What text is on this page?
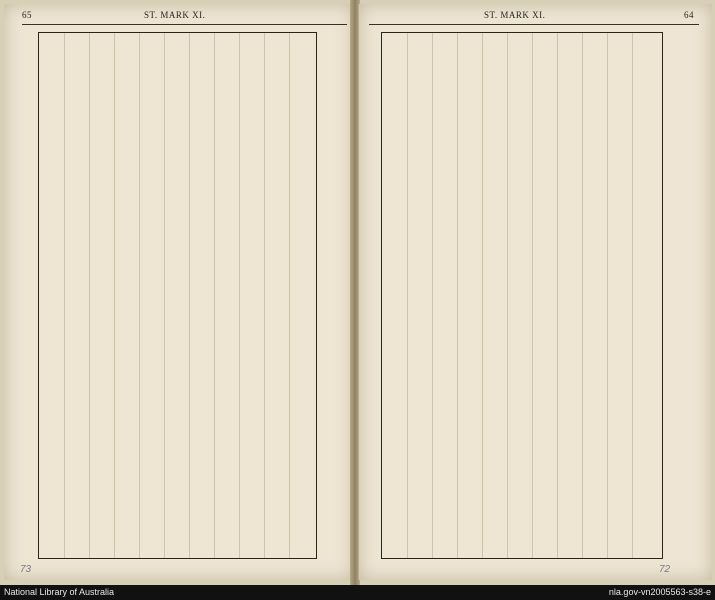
65	ST. MARK XI.
73
ST. MARK XI.	64
72
National Library of Australia	nla.gov-vn2005563-s38-e
